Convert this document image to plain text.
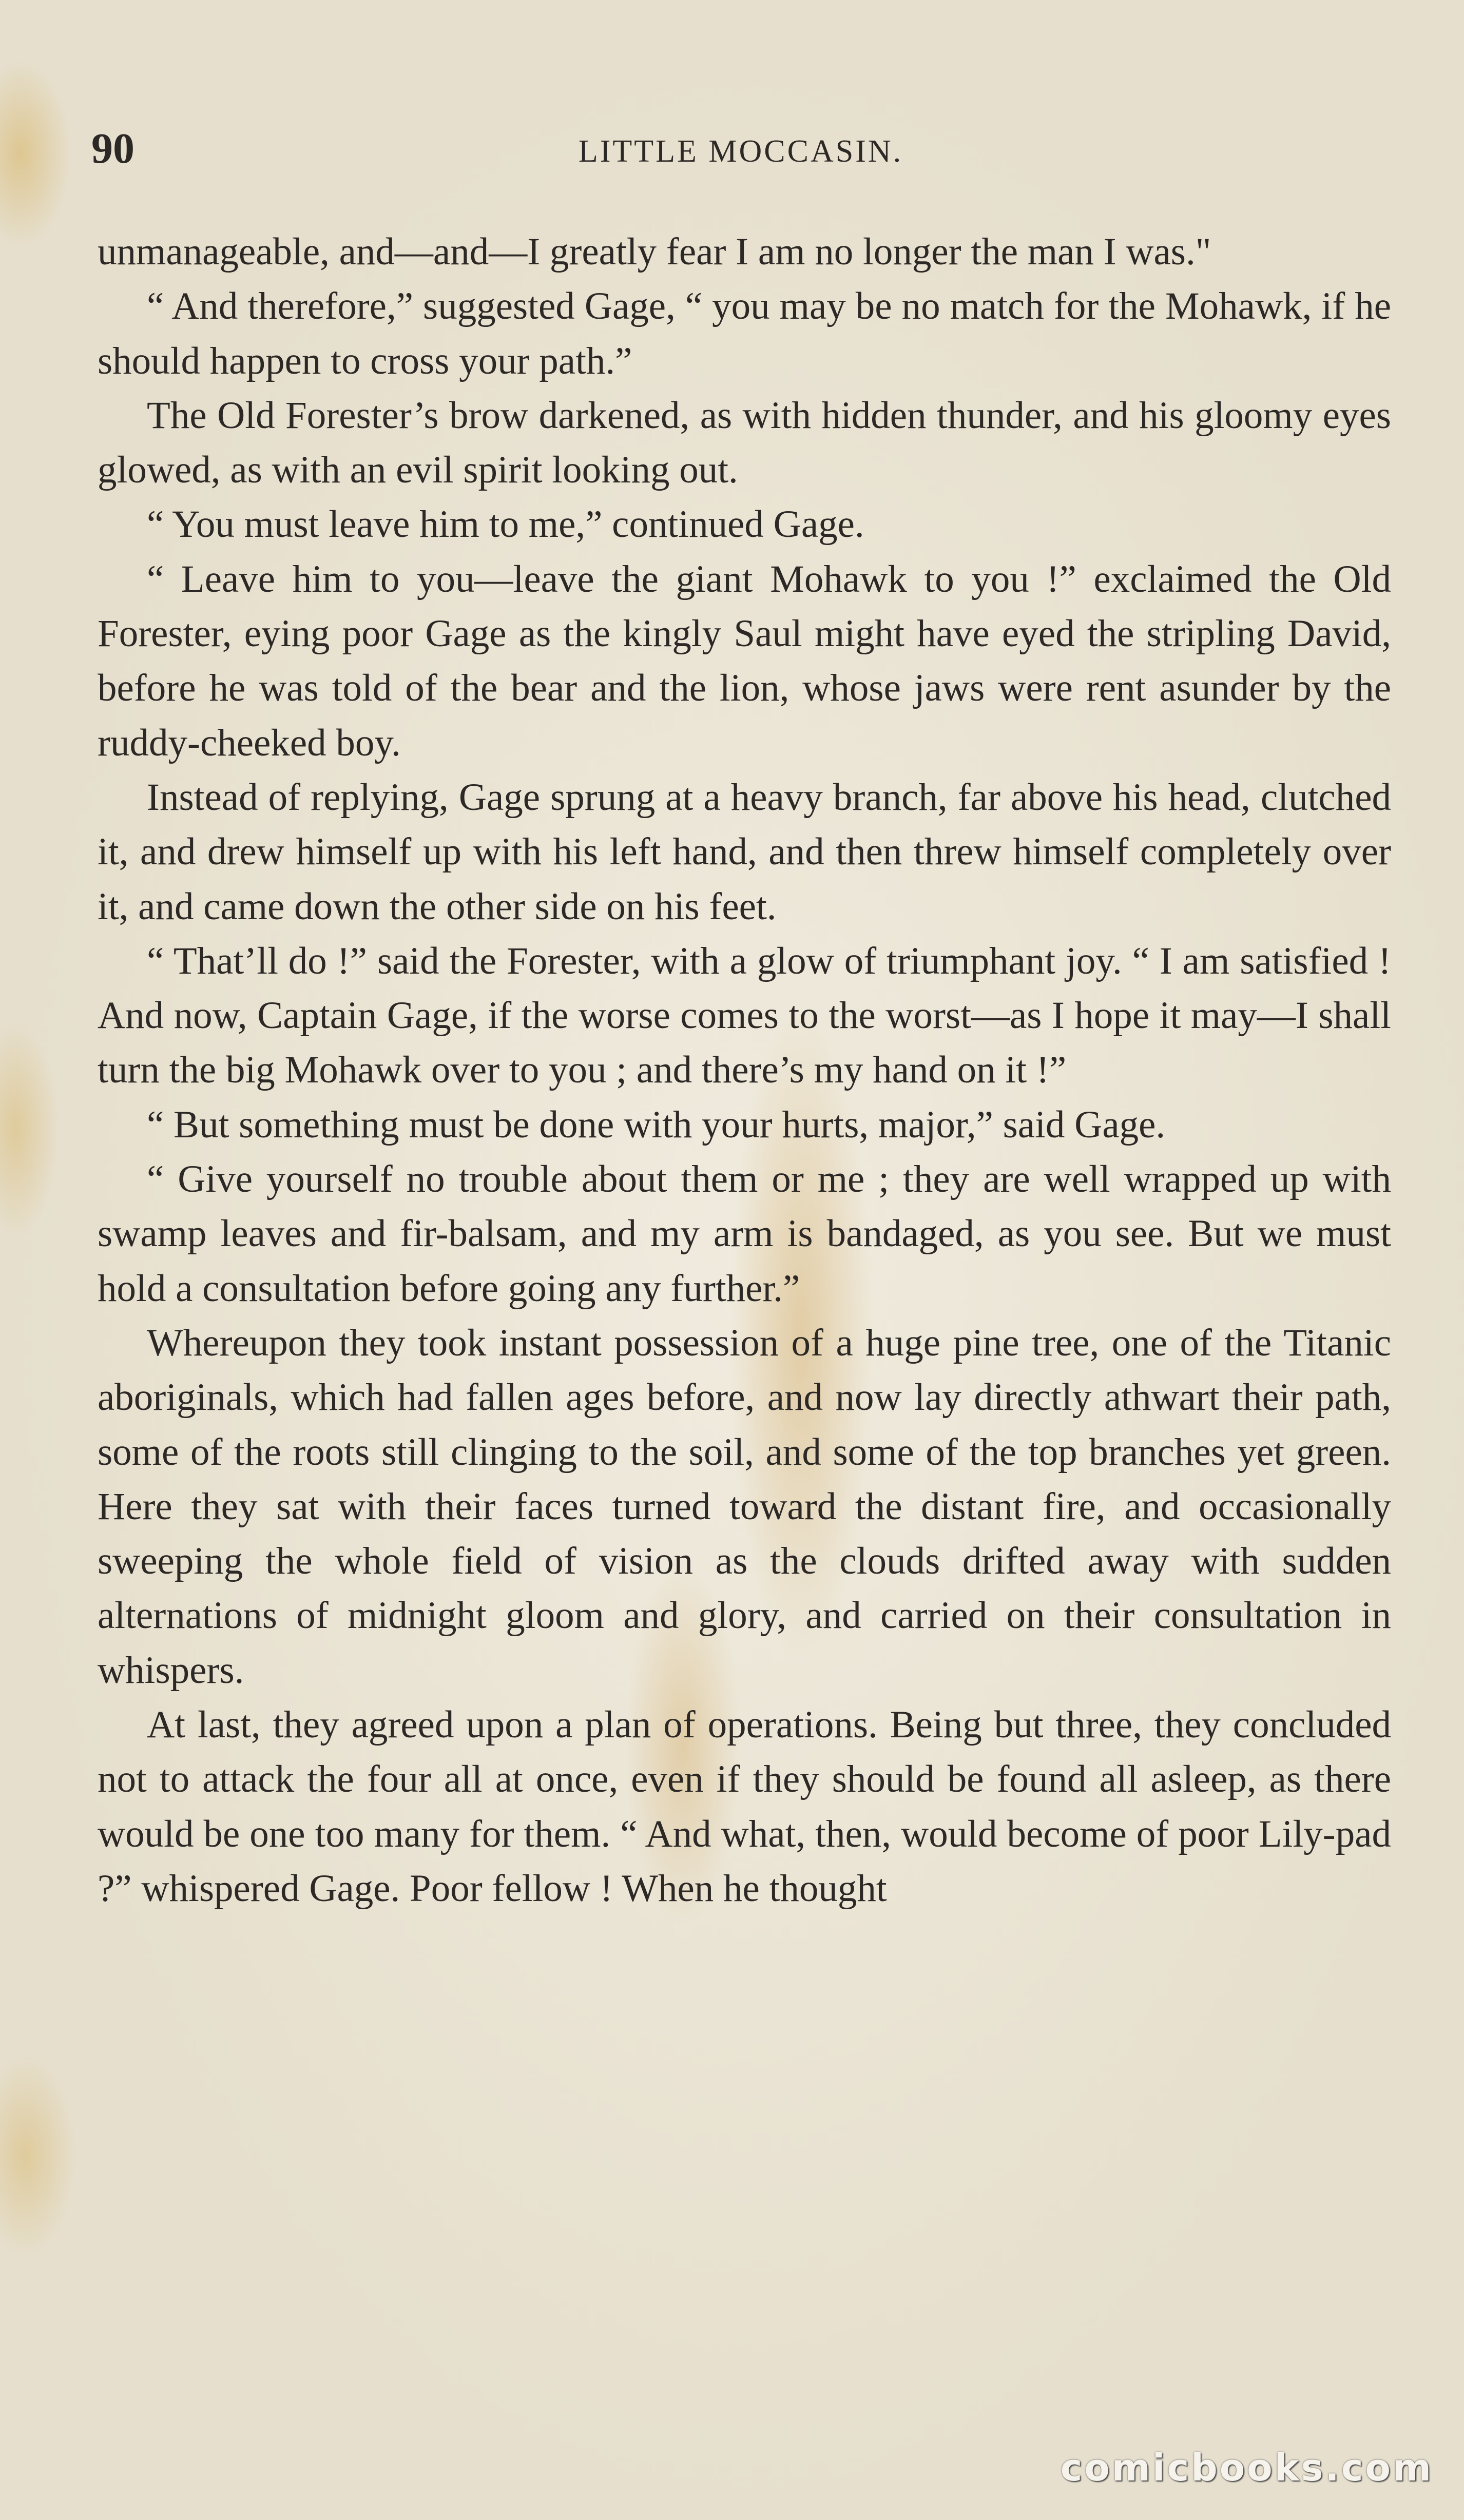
90	LITTLE MOCCASIN.

unmanageable, and—and—I greatly fear I am no longer the man I was."

“ And therefore,” suggested Gage, “ you may be no match for the Mohawk, if he should happen to cross your path.”

The Old Forester’s brow darkened, as with hidden thunder, and his gloomy eyes glowed, as with an evil spirit looking out.

“ You must leave him to me,” continued Gage.

“ Leave him to you—leave the giant Mohawk to you !” exclaimed the Old Forester, eying poor Gage as the kingly Saul might have eyed the stripling David, before he was told of the bear and the lion, whose jaws were rent asunder by the ruddy-cheeked boy.

Instead of replying, Gage sprung at a heavy branch, far above his head, clutched it, and drew himself up with his left hand, and then threw himself completely over it, and came down the other side on his feet.

“ That’ll do !” said the Forester, with a glow of triumphant joy. “ I am satisfied ! And now, Captain Gage, if the worse comes to the worst—as I hope it may—I shall turn the big Mohawk over to you ; and there’s my hand on it !”

“ But something must be done with your hurts, major,” said Gage.

“ Give yourself no trouble about them or me ; they are well wrapped up with swamp leaves and fir-balsam, and my arm is bandaged, as you see. But we must hold a consultation before going any further.”

Whereupon they took instant possession of a huge pine tree, one of the Titanic aboriginals, which had fallen ages before, and now lay directly athwart their path, some of the roots still clinging to the soil, and some of the top branches yet green. Here they sat with their faces turned toward the distant fire, and occasionally sweeping the whole field of vision as the clouds drifted away with sudden alternations of midnight gloom and glory, and carried on their consultation in whispers.

At last, they agreed upon a plan of operations. Being but three, they concluded not to attack the four all at once, even if they should be found all asleep, as there would be one too many for them. “ And what, then, would become of poor Lily-pad ?” whispered Gage. Poor fellow ! When he thought

comicbooks.com
